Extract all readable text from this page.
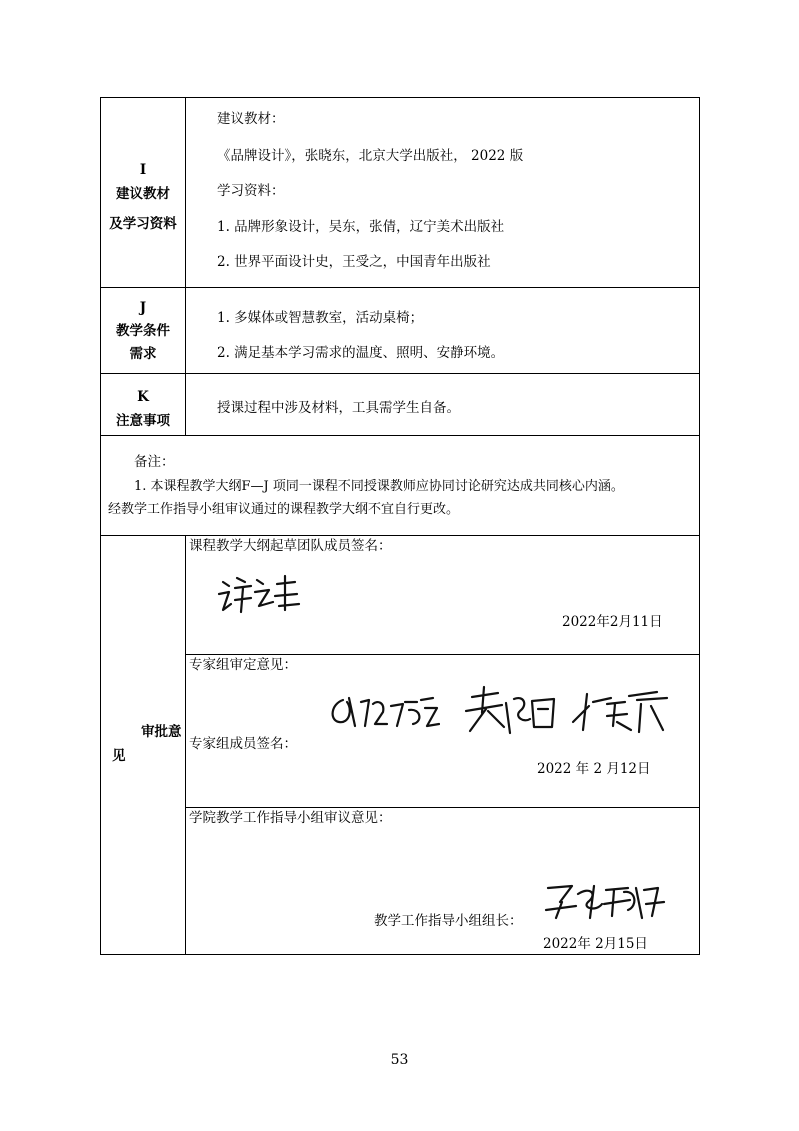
I
建议教材
及学习资料
建议教材：
《品牌设计》，张晓东，北京大学出版社， 2022 版
学习资料：
1. 品牌形象设计，吴东，张倩，辽宁美术出版社
2. 世界平面设计史，王受之，中国青年出版社
J
教学条件
需求
1. 多媒体或智慧教室，活动桌椅；
2. 满足基本学习需求的温度、照明、安静环境。
K
注意事项
授课过程中涉及材料，工具需学生自备。
备注：
1. 本课程教学大纲F—J 项同一课程不同授课教师应协同讨论研究达成共同核心内涵。
经教学工作指导小组审议通过的课程教学大纲不宜自行更改。
审批意
见
课程教学大纲起草团队成员签名：
2022年2月11日
专家组审定意见：
专家组成员签名：
2022 年 2 月12日
学院教学工作指导小组审议意见：
教学工作指导小组组长：
2022年 2月15日
53
